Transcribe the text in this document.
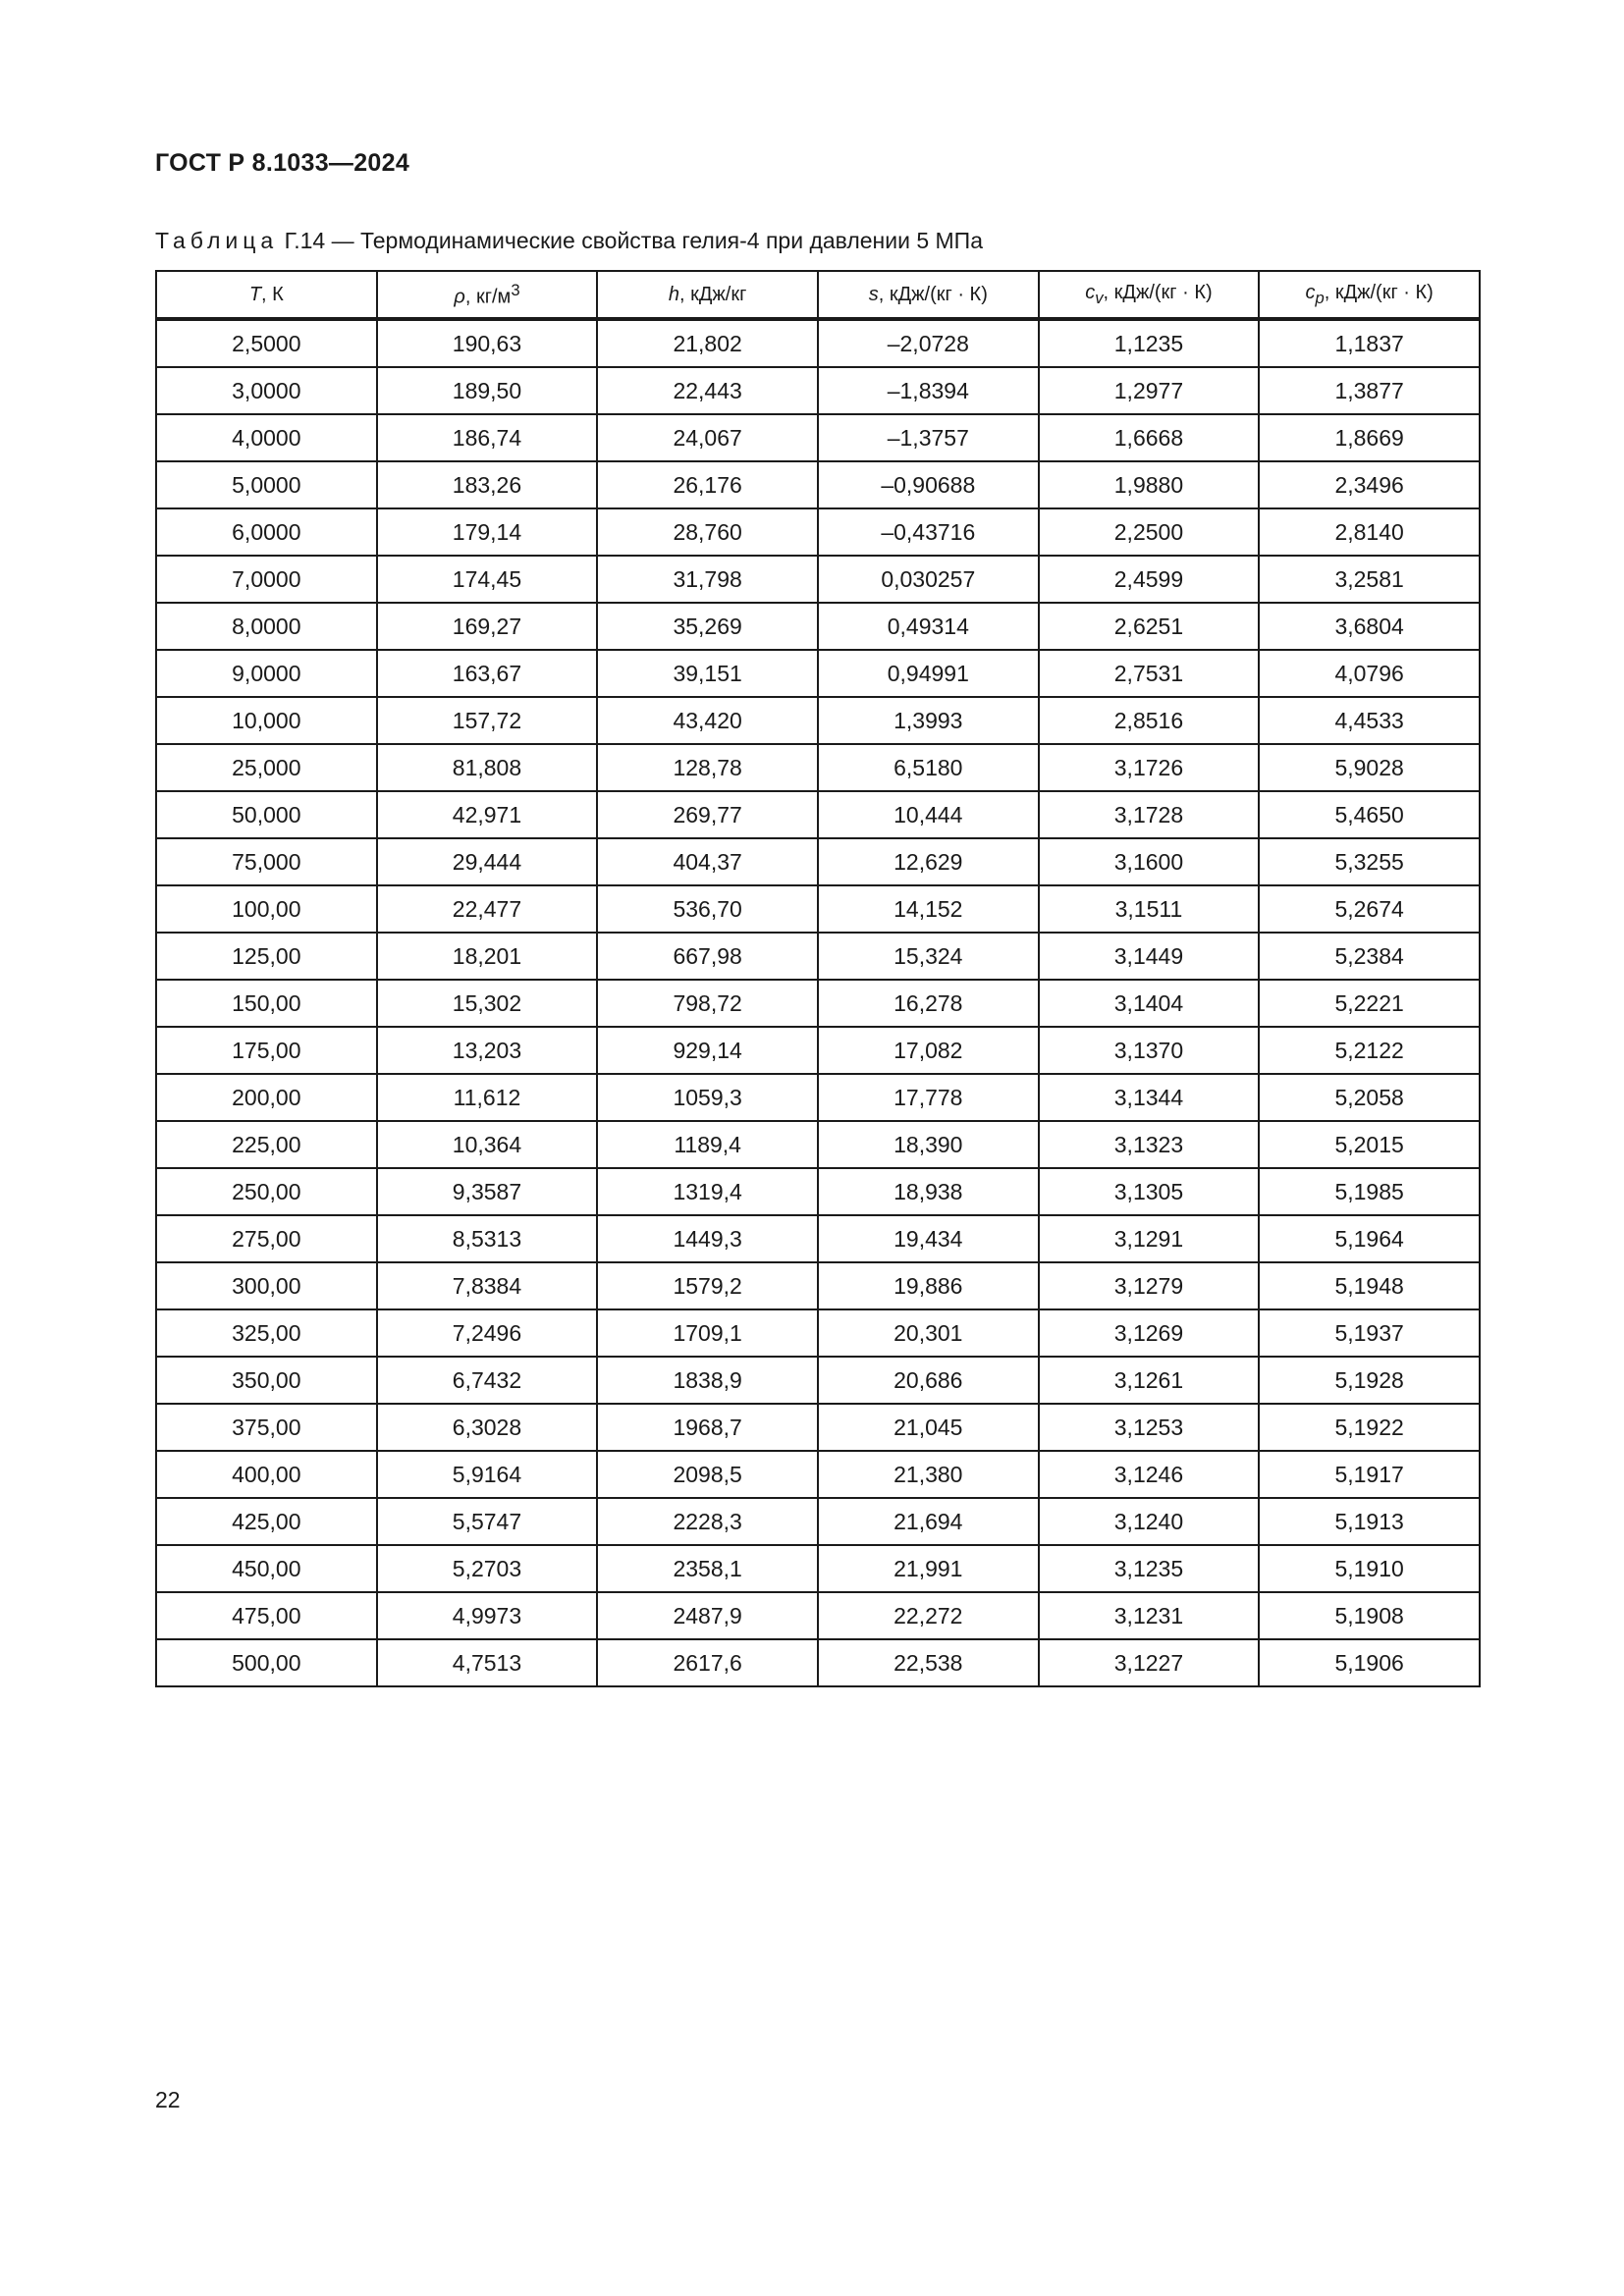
ГОСТ Р 8.1033—2024
Таблица Г.14 — Термодинамические свойства гелия-4 при давлении 5 МПа
T, К	ρ, $кг/м^3$	h, кДж/кг	s, кДж/(кг · К)	$c_v$, кДж/(кг · К)	$c_p$, кДж/(кг · К)
2,5000	190,63	21,802	–2,0728	1,1235	1,1837
3,0000	189,50	22,443	–1,8394	1,2977	1,3877
4,0000	186,74	24,067	–1,3757	1,6668	1,8669
5,0000	183,26	26,176	–0,90688	1,9880	2,3496
6,0000	179,14	28,760	–0,43716	2,2500	2,8140
7,0000	174,45	31,798	0,030257	2,4599	3,2581
8,0000	169,27	35,269	0,49314	2,6251	3,6804
9,0000	163,67	39,151	0,94991	2,7531	4,0796
10,000	157,72	43,420	1,3993	2,8516	4,4533
25,000	81,808	128,78	6,5180	3,1726	5,9028
50,000	42,971	269,77	10,444	3,1728	5,4650
75,000	29,444	404,37	12,629	3,1600	5,3255
100,00	22,477	536,70	14,152	3,1511	5,2674
125,00	18,201	667,98	15,324	3,1449	5,2384
150,00	15,302	798,72	16,278	3,1404	5,2221
175,00	13,203	929,14	17,082	3,1370	5,2122
200,00	11,612	1059,3	17,778	3,1344	5,2058
225,00	10,364	1189,4	18,390	3,1323	5,2015
250,00	9,3587	1319,4	18,938	3,1305	5,1985
275,00	8,5313	1449,3	19,434	3,1291	5,1964
300,00	7,8384	1579,2	19,886	3,1279	5,1948
325,00	7,2496	1709,1	20,301	3,1269	5,1937
350,00	6,7432	1838,9	20,686	3,1261	5,1928
375,00	6,3028	1968,7	21,045	3,1253	5,1922
400,00	5,9164	2098,5	21,380	3,1246	5,1917
425,00	5,5747	2228,3	21,694	3,1240	5,1913
450,00	5,2703	2358,1	21,991	3,1235	5,1910
475,00	4,9973	2487,9	22,272	3,1231	5,1908
500,00	4,7513	2617,6	22,538	3,1227	5,1906
22
